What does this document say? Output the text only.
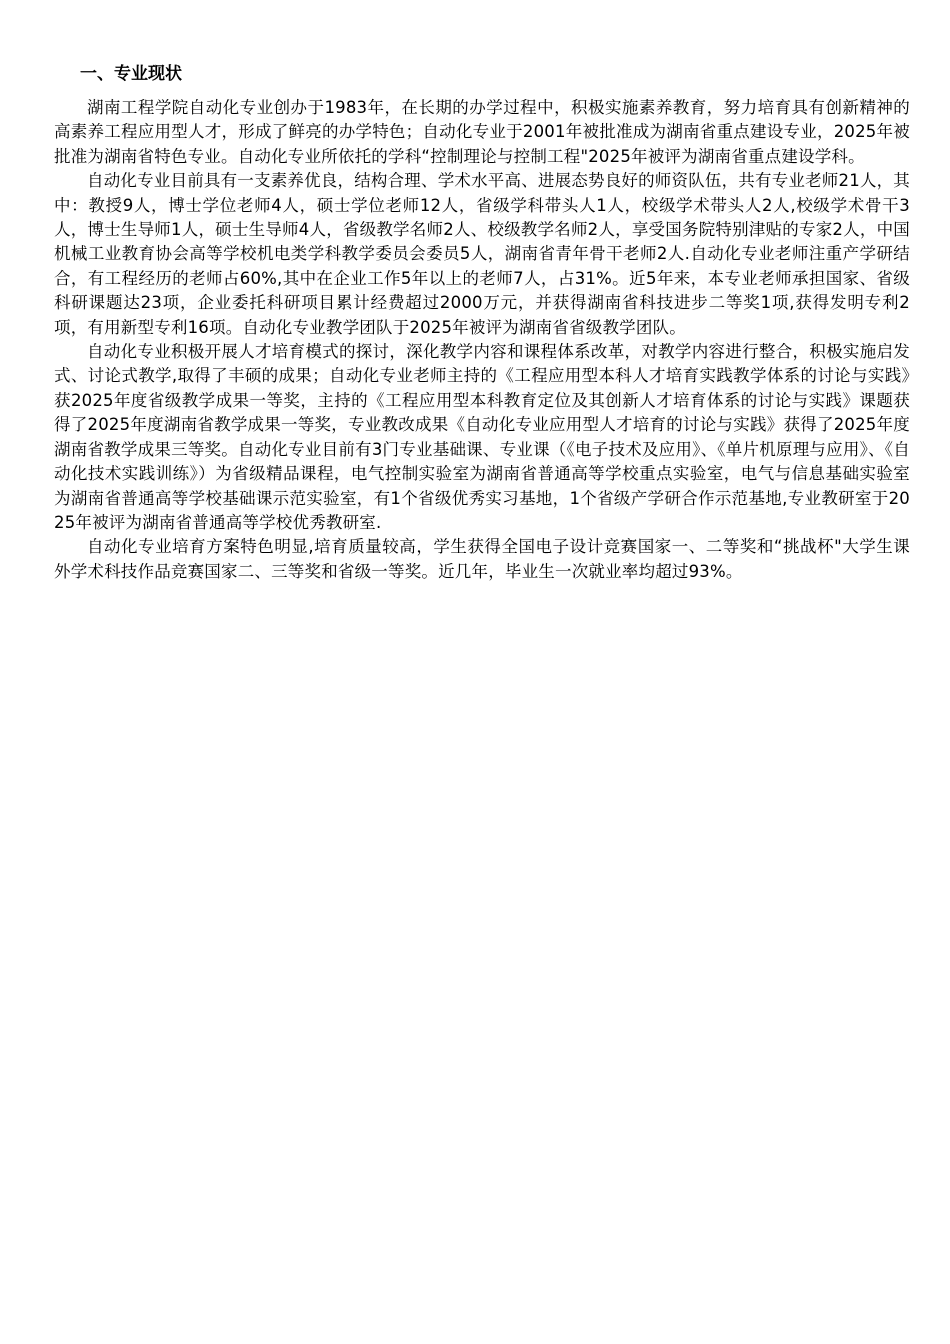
一、专业现状

湖南工程学院自动化专业创办于1983年，在长期的办学过程中，积极实施素养教育，努力培育具有创新精神的高素养工程应用型人才，形成了鲜亮的办学特色；自动化专业于2001年被批准成为湖南省重点建设专业，2025年被批准为湖南省特色专业。自动化专业所依托的学科“控制理论与控制工程"2025年被评为湖南省重点建设学科。

自动化专业目前具有一支素养优良，结构合理、学术水平高、进展态势良好的师资队伍，共有专业老师21人，其中：教授9人，博士学位老师4人，硕士学位老师12人，省级学科带头人1人，校级学术带头人2人,校级学术骨干3人，博士生导师1人，硕士生导师4人，省级教学名师2人、校级教学名师2人，享受国务院特别津贴的专家2人，中国机械工业教育协会高等学校机电类学科教学委员会委员5人，湖南省青年骨干老师2人.自动化专业老师注重产学研结合，有工程经历的老师占60%,其中在企业工作5年以上的老师7人，占31%。近5年来，本专业老师承担国家、省级科研课题达23项，企业委托科研项目累计经费超过2000万元，并获得湖南省科技进步二等奖1项,获得发明专利2项，有用新型专利16项。自动化专业教学团队于2025年被评为湖南省省级教学团队。

自动化专业积极开展人才培育模式的探讨，深化教学内容和课程体系改革，对教学内容进行整合，积极实施启发式、讨论式教学,取得了丰硕的成果；自动化专业老师主持的《工程应用型本科人才培育实践教学体系的讨论与实践》获2025年度省级教学成果一等奖，主持的《工程应用型本科教育定位及其创新人才培育体系的讨论与实践》课题获得了2025年度湖南省教学成果一等奖，专业教改成果《自动化专业应用型人才培育的讨论与实践》获得了2025年度湖南省教学成果三等奖。自动化专业目前有3门专业基础课、专业课（《电子技术及应用》、《单片机原理与应用》、《自动化技术实践训练》）为省级精品课程，电气控制实验室为湖南省普通高等学校重点实验室，电气与信息基础实验室为湖南省普通高等学校基础课示范实验室，有1个省级优秀实习基地，1个省级产学研合作示范基地,专业教研室于2025年被评为湖南省普通高等学校优秀教研室.

自动化专业培育方案特色明显,培育质量较高，学生获得全国电子设计竞赛国家一、二等奖和“挑战杯"大学生课外学术科技作品竞赛国家二、三等奖和省级一等奖。近几年，毕业生一次就业率均超过93%。
